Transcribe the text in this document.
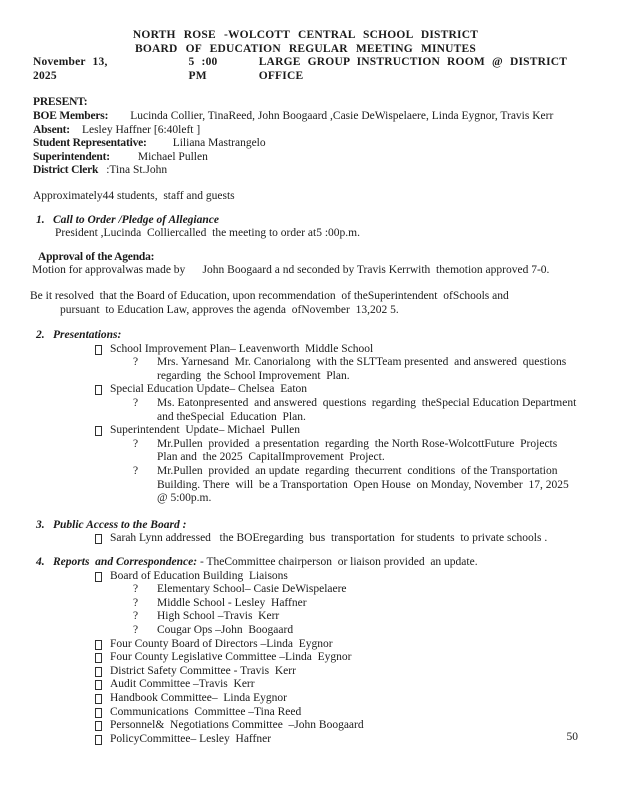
NORTH ROSE -WOLCOTT CENTRAL SCHOOL DISTRICT
BOARD OF EDUCATION REGULAR MEETING MINUTES
November 13, 2025
5 :00 PM
LARGE GROUP INSTRUCTION ROOM @ DISTRICT OFFICE
PRESENT:
BOE Members: Lucinda Collier, TinaReed, John Boogaard ,Casie DeWispelaere, Linda Eygnor, Travis Kerr
Absent: Lesley Haffner [6:40left ]
Student Representative: Liliana Mastrangelo
Superintendent: Michael Pullen
District Clerk :Tina St.John
Approximately44 students,  staff and guests
1. Call to Order /Pledge of Allegiance
President ,Lucinda  Colliercalled  the meeting to order at5 :00p.m.
Approval of the Agenda:
Motion for approvalwas made by      John Boogaard a nd seconded by Travis Kerrwith  themotion approved 7-0.
Be it resolved  that the Board of Education, upon recommendation  of theSuperintendent  ofSchools and
pursuant  to Education Law, approves the agenda  ofNovember  13,202 5.
2. Presentations:
School Improvement Plan– Leavenworth  Middle School
?	Mrs. Yarnesand  Mr. Canorialong  with the SLTTeam presented  and answered  questions regarding  the School Improvement  Plan.
Special Education Update– Chelsea  Eaton
?	Ms. Eatonpresented  and answered  questions  regarding  theSpecial Education Department  and theSpecial  Education  Plan.
Superintendent  Update– Michael  Pullen
?	Mr.Pullen  provided  a presentation  regarding  the North Rose-WolcottFuture  Projects Plan and  the 2025  CapitalImprovement  Project.
?	Mr.Pullen  provided  an update  regarding  thecurrent  conditions  of the Transportation Building. There  will  be a Transportation  Open House  on Monday, November  17, 2025 @ 5:00p.m.
3. Public Access to the Board :
Sarah Lynn addressed   the BOEregarding  bus  transportation  for students  to private schools .
4. Reports  and Correspondence: - TheCommittee chairperson  or liaison provided  an update.
Board of Education Building  Liaisons
?	Elementary School– Casie DeWispelaere
?	Middle School - Lesley  Haffner
?	High School –Travis  Kerr
?	Cougar Ops –John  Boogaard
Four County Board of Directors –Linda  Eygnor
Four County Legislative Committee –Linda  Eygnor
District Safety Committee - Travis  Kerr
Audit Committee –Travis  Kerr
Handbook Committee–  Linda Eygnor
Communications  Committee –Tina Reed
Personnel&  Negotiations Committee  –John Boogaard
PolicyCommittee– Lesley  Haffner	50
